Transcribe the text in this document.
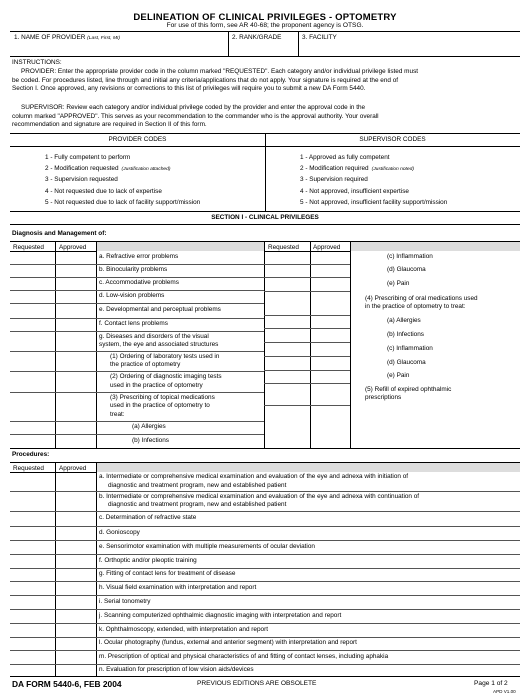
DELINEATION OF CLINICAL PRIVILEGES - OPTOMETRY
For use of this form, see AR 40-68; the proponent agency is OTSG.
1. NAME OF PROVIDER (Last, First, MI)	2. RANK/GRADE	3. FACILITY
INSTRUCTIONS:
PROVIDER: Enter the appropriate provider code in the column marked "REQUESTED". Each category and/or individual privilege listed must
be coded. For procedures listed, line through and initial any criteria/applications that do not apply. Your signature is required at the end of
Section I. Once approved, any revisions or corrections to this list of privileges will require you to submit a new DA Form 5440.
SUPERVISOR: Review each category and/or individual privilege coded by the provider and enter the approval code in the
column marked "APPROVED". This serves as your recommendation to the commander who is the approval authority. Your overall
recommendation and signature are required in Section II of this form.
PROVIDER CODES	SUPERVISOR CODES
1 - Fully competent to perform
2 - Modification requested (Justification attached)
3 - Supervision requested
4 - Not requested due to lack of expertise
5 - Not requested due to lack of facility support/mission
1 - Approved as fully competent
2 - Modification required (Justification noted)
3 - Supervision required
4 - Not approved, insufficient expertise
5 - Not approved, insufficient facility support/mission
SECTION I - CLINICAL PRIVILEGES
Diagnosis and Management of:
Requested Approved	Requested Approved
a. Refractive error problems
b. Binocularity problems
c. Accommodative problems
d. Low-vision problems
e. Developmental and perceptual problems
f. Contact lens problems
g. Diseases and disorders of the visual
system, the eye and associated structures
(1) Ordering of laboratory tests used in
the practice of optometry
(2) Ordering of diagnostic imaging tests
used in the practice of optometry
(3) Prescribing of topical medications
used in the practice of optometry to
treat:
(a) Allergies
(b) Infections
(c) Inflammation
(d) Glaucoma
(e) Pain
(4) Prescribing of oral medications used
in the practice of optometry to treat:
(a) Allergies
(b) Infections
(c) Inflammation
(d) Glaucoma
(e) Pain
(5) Refill of expired ophthalmic
prescriptions
Procedures:
Requested Approved
a. Intermediate or comprehensive medical examination and evaluation of the eye and adnexa with initiation of
diagnostic and treatment program, new and established patient
b. Intermediate or comprehensive medical examination and evaluation of the eye and adnexa with continuation of
diagnostic and treatment program, new and established patient
c. Determination of refractive state
d. Gonioscopy
e. Sensorimotor examination with multiple measurements of ocular deviation
f. Orthoptic and/or pleoptic training
g. Fitting of contact lens for treatment of disease
h. Visual field examination with interpretation and report
i. Serial tonometry
j. Scanning computerized ophthalmic diagnostic imaging with interpretation and report
k. Ophthalmoscopy, extended, with interpretation and report
l. Ocular photography (fundus, external and anterior segment) with interpretation and report
m. Prescription of optical and physical characteristics of and fitting of contact lenses, including aphakia
n. Evaluation for prescription of low vision aids/devices
DA FORM 5440-6, FEB 2004	PREVIOUS EDITIONS ARE OBSOLETE	Page 1 of 2
APD V1.00
